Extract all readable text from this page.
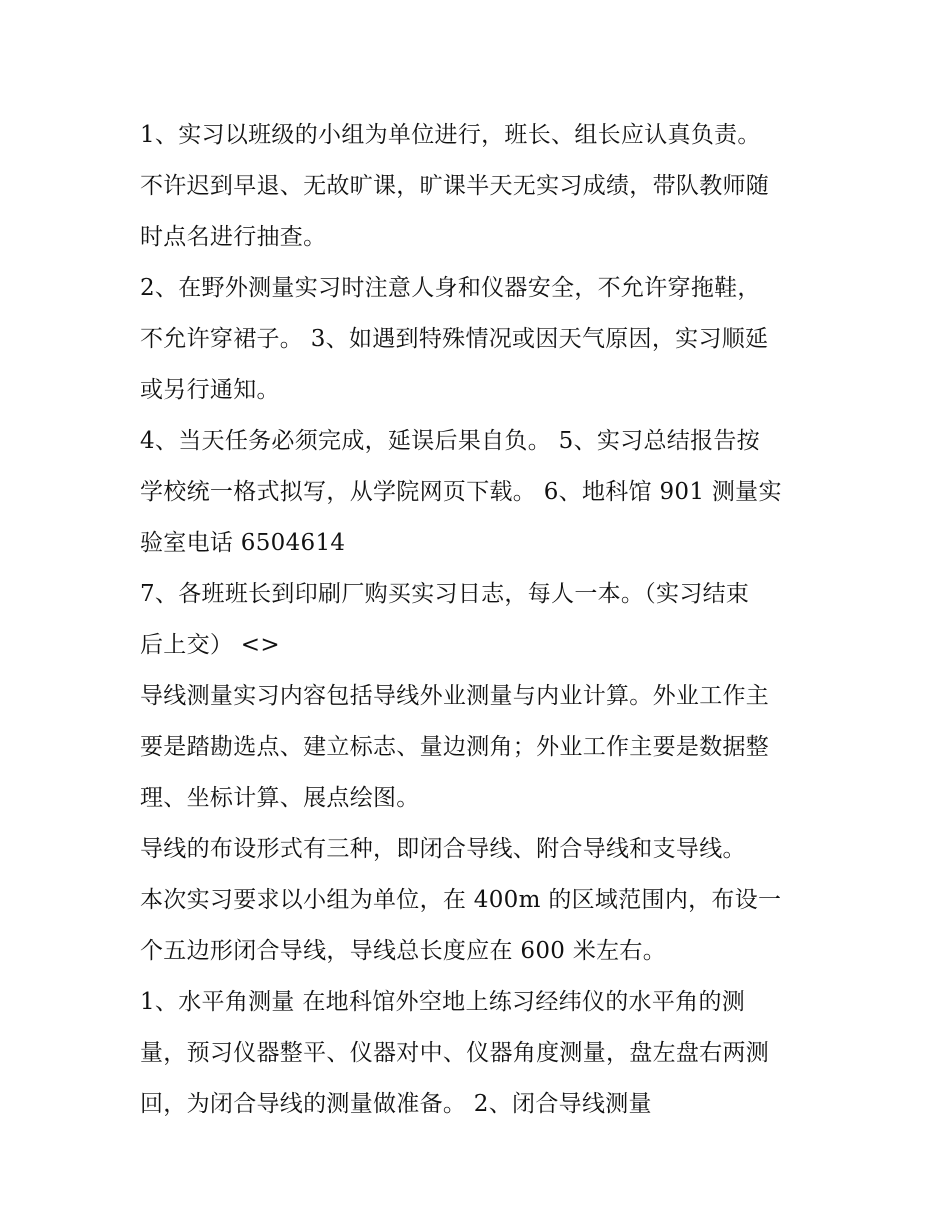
1、实习以班级的小组为单位进行，班长、组长应认真负责。
不许迟到早退、无故旷课，旷课半天无实习成绩，带队教师随
时点名进行抽查。
2、在野外测量实习时注意人身和仪器安全，不允许穿拖鞋，
不允许穿裙子。 3、如遇到特殊情况或因天气原因，实习顺延
或另行通知。
4、当天任务必须完成，延误后果自负。 5、实习总结报告按
学校统一格式拟写，从学院网页下载。 6、地科馆 901 测量实
验室电话 6504614
7、各班班长到印刷厂购买实习日志，每人一本。（实习结束
后上交） <>
导线测量实习内容包括导线外业测量与内业计算。外业工作主
要是踏勘选点、建立标志、量边测角；外业工作主要是数据整
理、坐标计算、展点绘图。
导线的布设形式有三种，即闭合导线、附合导线和支导线。
本次实习要求以小组为单位，在 400m 的区域范围内，布设一
个五边形闭合导线，导线总长度应在 600 米左右。
1、水平角测量 在地科馆外空地上练习经纬仪的水平角的测
量，预习仪器整平、仪器对中、仪器角度测量，盘左盘右两测
回，为闭合导线的测量做准备。 2、闭合导线测量
